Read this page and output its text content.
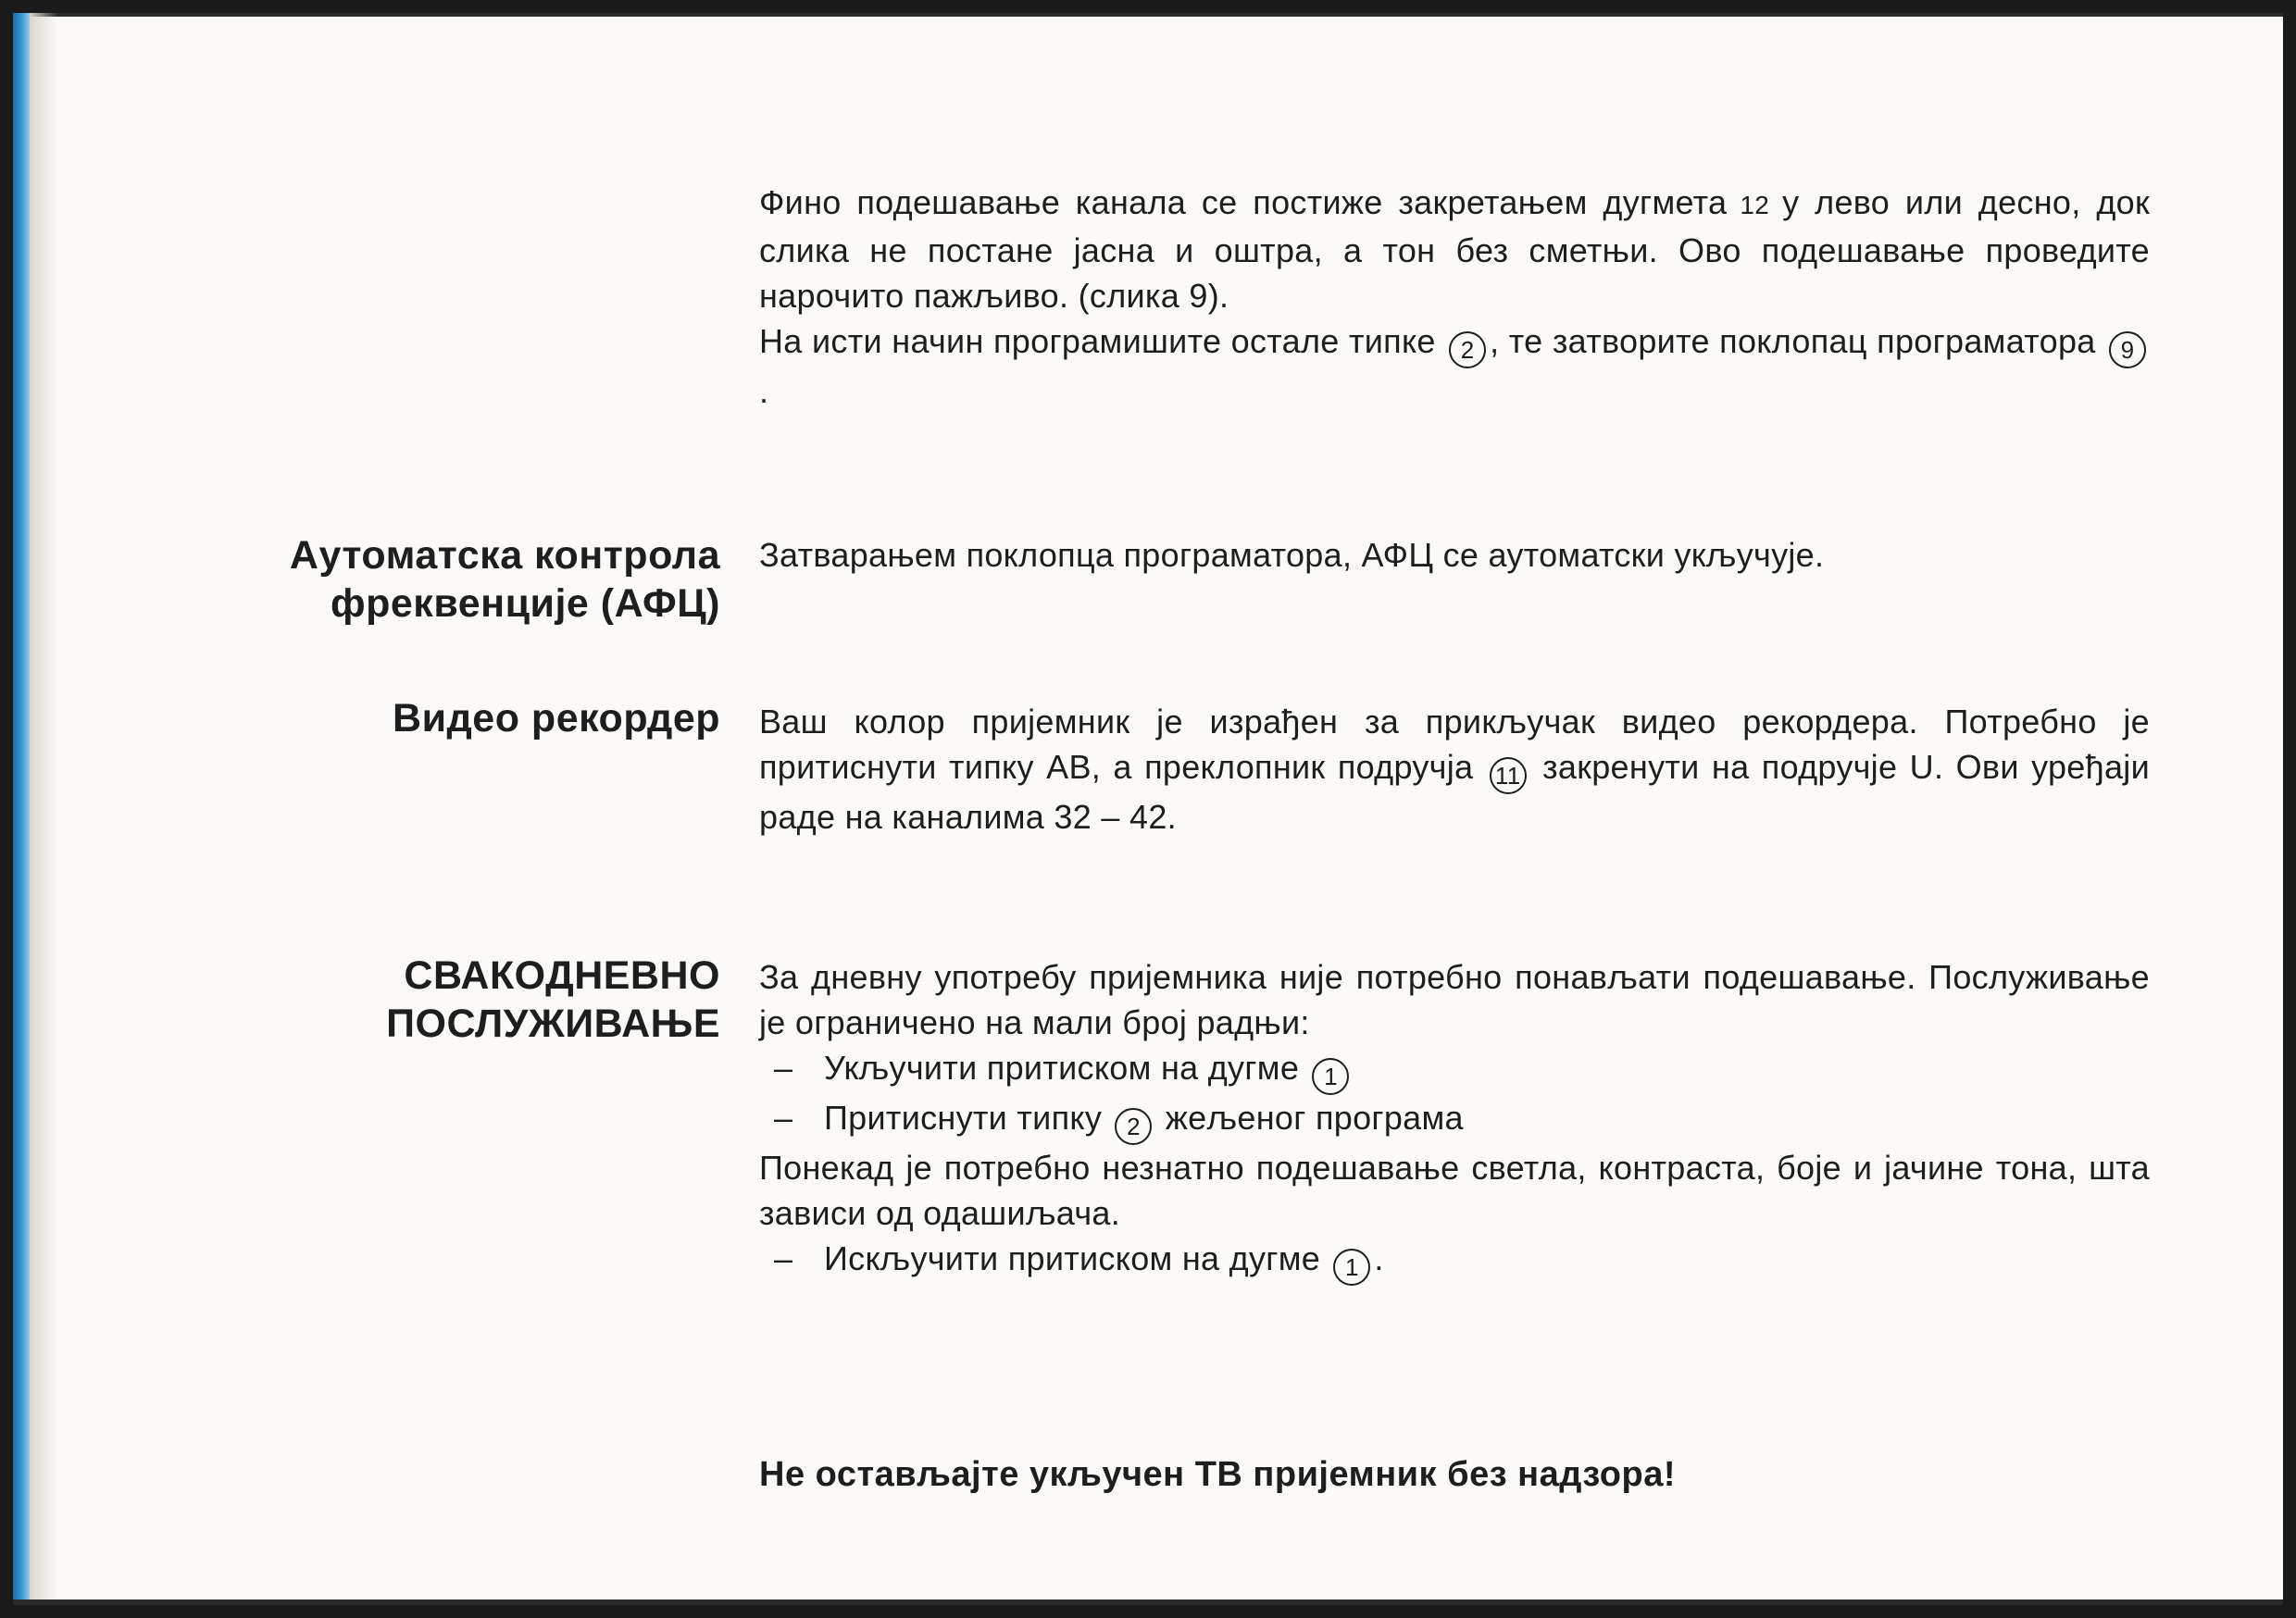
Фино подешавање канала се постиже закретањем дугмета 12 у лево или десно, док слика не постане јасна и оштра, а тон без сметњи. Ово подешавање проведите нарочито пажљиво. (слика 9).

На исти начин програмишите остале типке 2 , те затворите поклопац програматора 9.

Аутоматска контрола
фреквенције (АФЦ)

Затварањем поклопца програматора, АФЦ се аутоматски укључује.

Видео рекордер Ваш колор пријемник је израђен за прикључак видео рекордера. Потребно је притиснути типку АВ, а преклопник подручја 11 закренути на подручје U. Ови уређаји раде на каналима 32 – 42.

СВАКОДНЕВНО
ПОСЛУЖИВАЊЕ

За дневну употребу пријемника није потребно понављати подешавање. Послуживање је ограничено на мали број радњи:

– Укључити притиском на дугме 1

– Притиснути типку 2 жељеног програма

Понекад је потребно незнатно подешавање светла, контраста, боје и јачине тона, шта зависи од одашиљача.

– Искључити притиском на дугме 1 .

Не остављајте укључен ТВ пријемник без надзора!
